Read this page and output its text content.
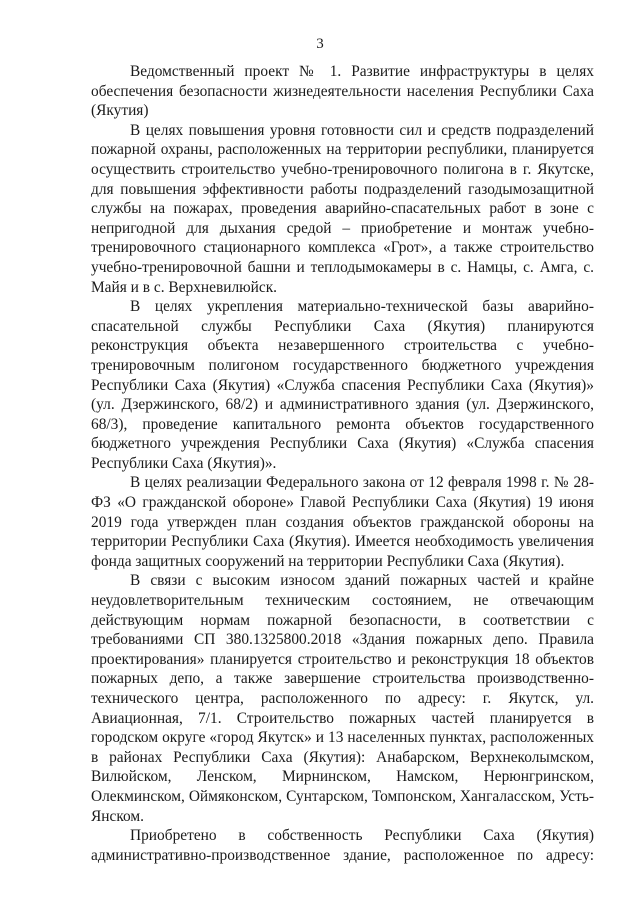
3

Ведомственный проект № 1. Развитие инфраструктуры в целях обеспечения безопасности жизнедеятельности населения Республики Саха (Якутия)

В целях повышения уровня готовности сил и средств подразделений пожарной охраны, расположенных на территории республики, планируется осуществить строительство учебно-тренировочного полигона в г. Якутске, для повышения эффективности работы подразделений газодымозащитной службы на пожарах, проведения аварийно-спасательных работ в зоне с непригодной для дыхания средой – приобретение и монтаж учебно-тренировочного стационарного комплекса «Грот», а также строительство учебно-тренировочной башни и теплодымокамеры в с. Намцы, с. Амга, с. Майя и в с. Верхневилюйск.

В целях укрепления материально-технической базы аварийно-спасательной службы Республики Саха (Якутия) планируются реконструкция объекта незавершенного строительства с учебно-тренировочным полигоном государственного бюджетного учреждения Республики Саха (Якутия) «Служба спасения Республики Саха (Якутия)» (ул. Дзержинского, 68/2) и административного здания (ул. Дзержинского, 68/3), проведение капитального ремонта объектов государственного бюджетного учреждения Республики Саха (Якутия) «Служба спасения Республики Саха (Якутия)».

В целях реализации Федерального закона от 12 февраля 1998 г. № 28-ФЗ «О гражданской обороне» Главой Республики Саха (Якутия) 19 июня 2019 года утвержден план создания объектов гражданской обороны на территории Республики Саха (Якутия). Имеется необходимость увеличения фонда защитных сооружений на территории Республики Саха (Якутия).

В связи с высоким износом зданий пожарных частей и крайне неудовлетворительным техническим состоянием, не отвечающим действующим нормам пожарной безопасности, в соответствии с требованиями СП 380.1325800.2018 «Здания пожарных депо. Правила проектирования» планируется строительство и реконструкция 18 объектов пожарных депо, а также завершение строительства производственно-технического центра, расположенного по адресу: г. Якутск, ул. Авиационная, 7/1. Строительство пожарных частей планируется в городском округе «город Якутск» и 13 населенных пунктах, расположенных в районах Республики Саха (Якутия): Анабарском, Верхнеколымском, Вилюйском, Ленском, Мирнинском, Намском, Нерюнгринском, Олекминском, Оймяконском, Сунтарском, Томпонском, Хангаласском, Усть-Янском.

Приобретено в собственность Республики Саха (Якутия) административно-производственное здание, расположенное по адресу:
